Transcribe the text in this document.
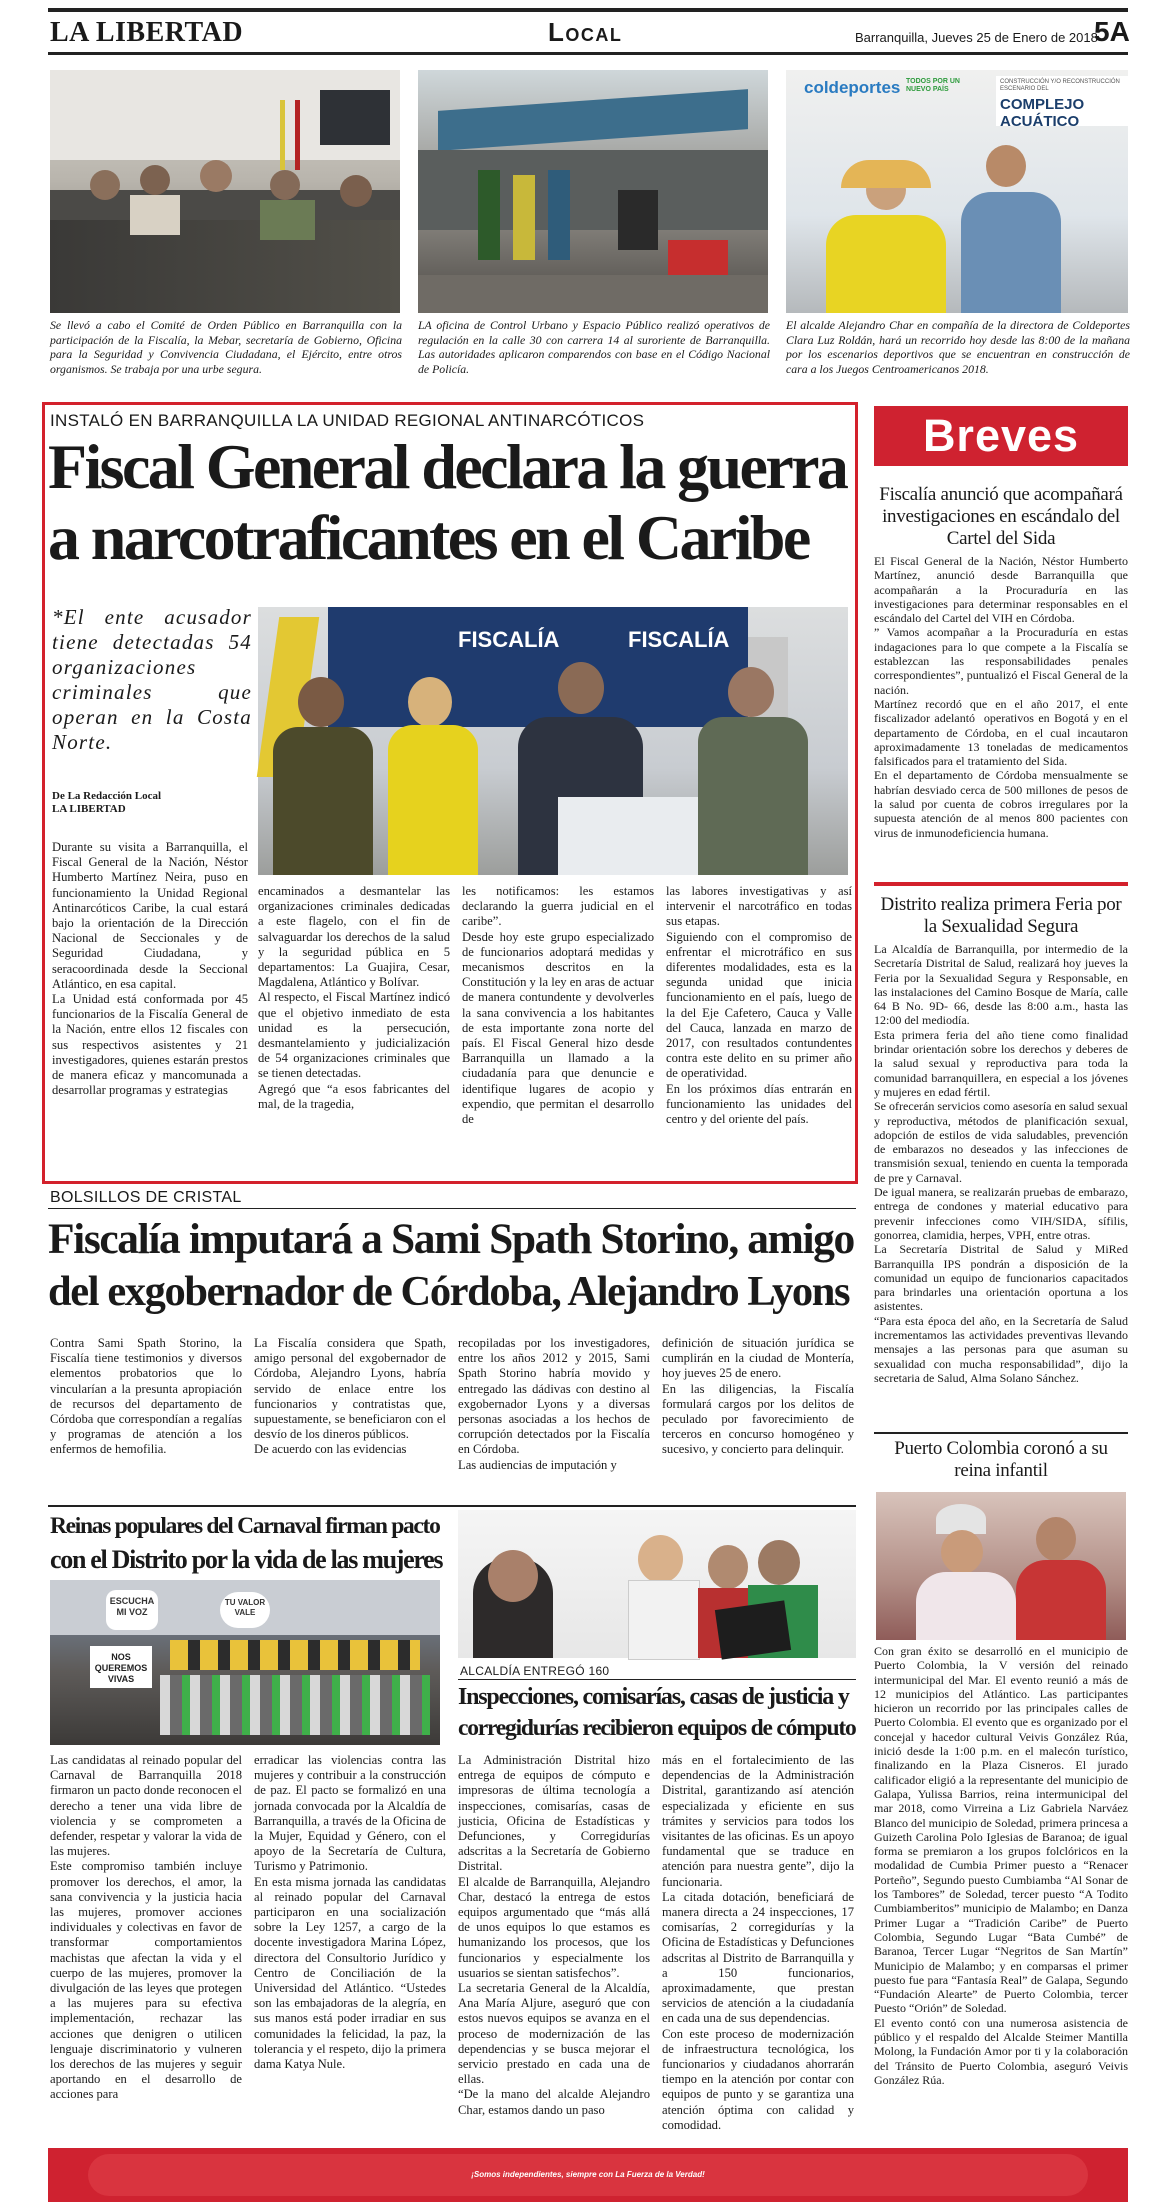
LA LIBERTAD	Local	Barranquilla, Jueves 25 de Enero de 2018
5A
Se llevó a cabo el Comité de Orden Público en Barranquilla con la participación de la Fiscalía, la Mebar, secretaría de Gobierno, Oficina para la Seguridad y Convivencia Ciudadana, el Ejército, entre otros organismos. Se trabaja por una urbe segura.
LA oficina de Control Urbano y Espacio Público realizó operativos de regulación en la calle 30 con carrera 14 al suroriente de Barranquilla. Las autoridades aplicaron comparendos con base en el Código Nacional de Policía.
coldeportes TODOS POR UN NUEVO PAÍS
CONSTRUCCIÓN Y/O RECONSTRUCCIÓN ESCENARIO DEL
COMPLEJO ACUÁTICO
El alcalde Alejandro Char en compañía de la directora de Coldeportes Clara Luz Roldán, hará un recorrido hoy desde las 8:00 de la mañana por los escenarios deportivos que se encuentran en construcción de cara a los Juegos Centroamericanos 2018.
INSTALÓ EN BARRANQUILLA LA UNIDAD REGIONAL ANTINARCÓTICOS
Fiscal General declara la guerra
a narcotraficantes en el Caribe
*El ente acusador tiene detectadas 54 organizaciones criminales que operan en la Costa Norte.
De La Redacción Local
LA LIBERTAD
FISCALÍA	FISCALÍA
Durante su visita a Barranquilla, el Fiscal General de la Nación, Néstor Humberto Martínez Neira, puso en funcionamiento la Unidad Regional Antinarcóticos Caribe, la cual estará bajo la orientación de la Dirección Nacional de Seccionales y de Seguridad Ciudadana, y seracoordinada desde la Seccional Atlántico, en esa capital.
La Unidad está conformada por 45 funcionarios de la Fiscalía General de la Nación, entre ellos 12 fiscales con sus respectivos asistentes y 21 investigadores, quienes estarán prestos de manera eficaz y mancomunada a desarrollar programas y estrategias
encaminados a desmantelar las organizaciones criminales dedicadas a este flagelo, con el fin de salvaguardar los derechos de la salud y la seguridad pública en 5 departamentos: La Guajira, Cesar, Magdalena, Atlántico y Bolívar.
Al respecto, el Fiscal Martínez indicó que el objetivo inmediato de esta unidad es la persecución, desmantelamiento y judicialización de 54 organizaciones criminales que se tienen detectadas.
Agregó que “a esos fabricantes del mal, de la tragedia,
les notificamos: les estamos declarando la guerra judicial en el caribe”.
Desde hoy este grupo especializado de funcionarios adoptará medidas y mecanismos descritos en la Constitución y la ley en aras de actuar de manera contundente y devolverles la sana convivencia a los habitantes de esta importante zona norte del país. El Fiscal General hizo desde Barranquilla un llamado a la ciudadanía para que denuncie e identifique lugares de acopio y expendio, que permitan el desarrollo de
las labores investigativas y así intervenir el narcotráfico en todas sus etapas.
Siguiendo con el compromiso de enfrentar el microtráfico en sus diferentes modalidades, esta es la segunda unidad que inicia funcionamiento en el país, luego de la del Eje Cafetero, Cauca y Valle del Cauca, lanzada en marzo de 2017, con resultados contundentes contra este delito en su primer año de operatividad.
En los próximos días entrarán en funcionamiento las unidades del centro y del oriente del país.
BOLSILLOS DE CRISTAL
Fiscalía imputará a Sami Spath Storino, amigo
del exgobernador de Córdoba, Alejandro Lyons
Contra Sami Spath Storino, la Fiscalía tiene testimonios y diversos elementos probatorios que lo vincularían a la presunta apropiación de recursos del departamento de Córdoba que correspondían a regalías y programas de atención a los enfermos de hemofilia.
La Fiscalía considera que Spath, amigo personal del exgobernador de Córdoba, Alejandro Lyons, habría servido de enlace entre los funcionarios y contratistas que, supuestamente, se beneficiaron con el desvío de los dineros públicos.
De acuerdo con las evidencias
recopiladas por los investigadores, entre los años 2012 y 2015, Sami Spath Storino habría movido y entregado las dádivas con destino al exgobernador Lyons y a diversas personas asociadas a los hechos de corrupción detectados por la Fiscalía en Córdoba.
Las audiencias de imputación y
definición de situación jurídica se cumplirán en la ciudad de Montería, hoy jueves 25 de enero.
En las diligencias, la Fiscalía formulará cargos por los delitos de peculado por favorecimiento de terceros en concurso homogéneo y sucesivo, y concierto para delinquir.
Reinas populares del Carnaval firman pacto
con el Distrito por la vida de las mujeres
ESCUCHA MI VOZ
NOS QUEREMOS VIVAS
TU VALOR VALE
Las candidatas al reinado popular del Carnaval de Barranquilla 2018 firmaron un pacto donde reconocen el derecho a tener una vida libre de violencia y se comprometen a defender, respetar y valorar la vida de las mujeres.
Este compromiso también incluye promover los derechos, el amor, la sana convivencia y la justicia hacia las mujeres, promover acciones individuales y colectivas en favor de transformar comportamientos machistas que afectan la vida y el cuerpo de las mujeres, promover la divulgación de las leyes que protegen a las mujeres para su efectiva implementación, rechazar las acciones que denigren o utilicen lenguaje discriminatorio y vulneren los derechos de las mujeres y seguir aportando en el desarrollo de acciones para
erradicar las violencias contra las mujeres y contribuir a la construcción de paz. El pacto se formalizó en una jornada convocada por la Alcaldía de Barranquilla, a través de la Oficina de la Mujer, Equidad y Género, con el apoyo de la Secretaría de Cultura, Turismo y Patrimonio.
En esta misma jornada las candidatas al reinado popular del Carnaval participaron en una socialización sobre la Ley 1257, a cargo de la docente investigadora Marina López, directora del Consultorio Jurídico y Centro de Conciliación de la Universidad del Atlántico. “Ustedes son las embajadoras de la alegría, en sus manos está poder irradiar en sus comunidades la felicidad, la paz, la tolerancia y el respeto, dijo la primera dama Katya Nule.
ALCALDÍA ENTREGÓ 160
Inspecciones, comisarías, casas de justicia y
corregidurías recibieron equipos de cómputo
La Administración Distrital hizo entrega de equipos de cómputo e impresoras de última tecnología a inspecciones, comisarías, casas de justicia, Oficina de Estadísticas y Defunciones, y Corregidurías adscritas a la Secretaría de Gobierno Distrital.
El alcalde de Barranquilla, Alejandro Char, destacó la entrega de estos equipos argumentado que “más allá de unos equipos lo que estamos es humanizando los procesos, que los funcionarios y especialmente los usuarios se sientan satisfechos”.
La secretaria General de la Alcaldía, Ana María Aljure, aseguró que con estos nuevos equipos se avanza en el proceso de modernización de las dependencias y se busca mejorar el servicio prestado en cada una de ellas.
“De la mano del alcalde Alejandro Char, estamos dando un paso
más en el fortalecimiento de las dependencias de la Administración Distrital, garantizando así atención especializada y eficiente en sus trámites y servicios para todos los visitantes de las oficinas. Es un apoyo fundamental que se traduce en atención para nuestra gente”, dijo la funcionaria.
La citada dotación, beneficiará de manera directa a 24 inspecciones, 17 comisarías, 2 corregidurías y la Oficina de Estadísticas y Defunciones adscritas al Distrito de Barranquilla y a 150 funcionarios, aproximadamente, que prestan servicios de atención a la ciudadanía en cada una de sus dependencias.
Con este proceso de modernización de infraestructura tecnológica, los funcionarios y ciudadanos ahorrarán tiempo en la atención por contar con equipos de punto y se garantiza una atención óptima con calidad y comodidad.
Breves
Fiscalía anunció que acompañará investigaciones en escándalo del Cartel del Sida
El Fiscal General de la Nación, Néstor Humberto Martínez, anunció desde Barranquilla que acompañarán a la Procuraduría en las investigaciones para determinar responsables en el escándalo del Cartel del VIH en Córdoba.
” Vamos acompañar a la Procuraduría en estas indagaciones para lo que compete a la Fiscalía se establezcan las responsabilidades penales correspondientes”, puntualizó el Fiscal General de la nación.
Martínez recordó que en el año 2017, el ente fiscalizador adelantó  operativos en Bogotá y en el departamento de Córdoba, en el cual incautaron aproximadamente 13 toneladas de medicamentos falsificados para el tratamiento del Sida.
En el departamento de Córdoba mensualmente se habrían desviado cerca de 500 millones de pesos de la salud por cuenta de cobros irregulares por la supuesta atención de al menos 800 pacientes con virus de inmunodeficiencia humana.
Distrito realiza primera Feria por la Sexualidad Segura
La Alcaldía de Barranquilla, por intermedio de la Secretaría Distrital de Salud, realizará hoy jueves la Feria por la Sexualidad Segura y Responsable, en las instalaciones del Camino Bosque de María, calle 64 B No. 9D- 66, desde las 8:00 a.m., hasta las 12:00 del mediodía.
Esta primera feria del año tiene como finalidad brindar orientación sobre los derechos y deberes de la salud sexual y reproductiva para toda la comunidad barranquillera, en especial a los jóvenes y mujeres en edad fértil.
Se ofrecerán servicios como asesoría en salud sexual y reproductiva, métodos de planificación sexual, adopción de estilos de vida saludables, prevención de embarazos no deseados y las infecciones de transmisión sexual, teniendo en cuenta la temporada de pre y Carnaval.
De igual manera, se realizarán pruebas de embarazo, entrega de condones y material educativo para prevenir infecciones como VIH/SIDA, sífilis, gonorrea, clamidia, herpes, VPH, entre otras.
La Secretaría Distrital de Salud y MiRed Barranquilla IPS pondrán a disposición de la comunidad un equipo de funcionarios capacitados para brindarles una orientación oportuna a los asistentes.
“Para esta época del año, en la Secretaría de Salud incrementamos las actividades preventivas llevando mensajes a las personas para que asuman su sexualidad con mucha responsabilidad”, dijo la secretaria de Salud, Alma Solano Sánchez.
Puerto Colombia coronó a su reina infantil
Con gran éxito se desarrolló en el municipio de Puerto Colombia, la V versión del reinado intermunicipal del Mar. El evento reunió a más de 12 municipios del Atlántico. Las participantes hicieron un recorrido por las principales calles de Puerto Colombia. El evento que es organizado por el concejal y hacedor cultural Veivis González Rúa, inició desde la 1:00 p.m. en el malecón turístico, finalizando en la Plaza Cisneros. El jurado calificador eligió a la representante del municipio de Galapa, Yulissa Barrios, reina intermunicipal del mar 2018, como Virreina a Liz Gabriela Narváez Blanco del municipio de Soledad, primera princesa a Guizeth Carolina Polo Iglesias de Baranoa; de igual forma se premiaron a los grupos folclóricos en la modalidad de Cumbia Primer puesto a “Renacer Porteño”, Segundo puesto Cumbiamba “Al Sonar de los Tambores” de Soledad, tercer puesto “A Todito Cumbiamberitos” municipio de Malambo; en Danza Primer Lugar a “Tradición Caribe” de Puerto Colombia, Segundo Lugar “Bata Cumbé” de Baranoa, Tercer Lugar “Negritos de San Martín” Municipio de Malambo; y en comparsas el primer puesto fue para “Fantasía Real” de Galapa, Segundo “Fundación Alearte” de Puerto Colombia, tercer Puesto “Orión” de Soledad.
El evento contó con una numerosa asistencia de público y el respaldo del Alcalde Steimer Mantilla Molong, la Fundación Amor por ti y la colaboración del Tránsito de Puerto Colombia, aseguró Veivis González Rúa.
¡Somos independientes, siempre con La Fuerza de la Verdad!
